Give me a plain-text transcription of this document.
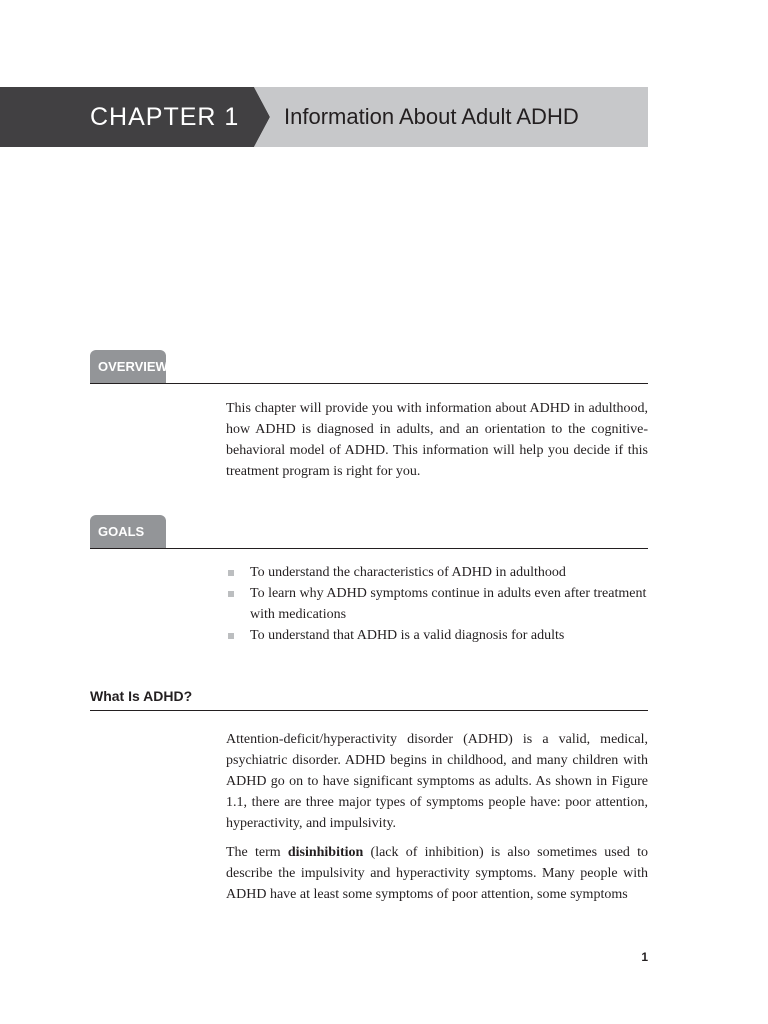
CHAPTER 1 Information About Adult ADHD
OVERVIEW

This chapter will provide you with information about ADHD in adulthood, how ADHD is diagnosed in adults, and an orientation to the cognitive-behavioral model of ADHD. This information will help you decide if this treatment program is right for you.

GOALS
To understand the characteristics of ADHD in adulthood
To learn why ADHD symptoms continue in adults even after treatment with medications
To understand that ADHD is a valid diagnosis for adults
What Is ADHD?

Attention-deficit/hyperactivity disorder (ADHD) is a valid, medical, psychiatric disorder. ADHD begins in childhood, and many children with ADHD go on to have significant symptoms as adults. As shown in Figure 1.1, there are three major types of symptoms people have: poor attention, hyperactivity, and impulsivity.

The term disinhibition (lack of inhibition) is also sometimes used to describe the impulsivity and hyperactivity symptoms. Many people with ADHD have at least some symptoms of poor attention, some symptoms

1
